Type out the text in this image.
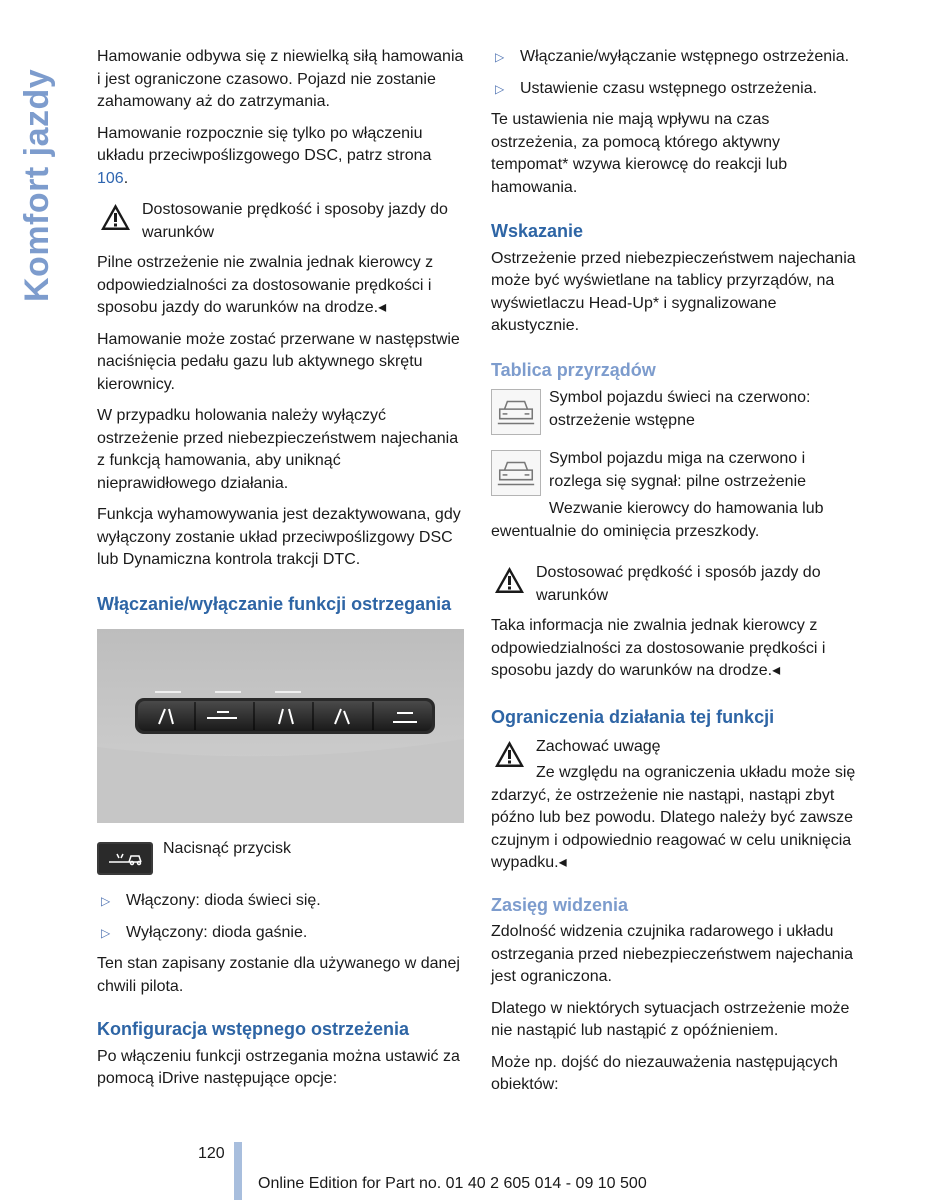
Komfort jazdy

Hamowanie odbywa się z niewielką siłą hamowania i jest ograniczone czasowo. Pojazd nie zostanie zahamowany aż do zatrzymania.

Hamowanie rozpocznie się tylko po włączeniu układu przeciwpoślizgowego DSC, patrz strona 106.

Dostosowanie prędkość i sposoby jazdy do warunków

Pilne ostrzeżenie nie zwalnia jednak kierowcy z odpowiedzialności za dostosowanie prędkości i sposobu jazdy do warunków na drodze.◂

Hamowanie może zostać przerwane w następstwie naciśnięcia pedału gazu lub aktywnego skrętu kierownicy.

W przypadku holowania należy wyłączyć ostrzeżenie przed niebezpieczeństwem najechania z funkcją hamowania, aby uniknąć nieprawidłowego działania.

Funkcja wyhamowywania jest dezaktywowana, gdy wyłączony zostanie układ przeciwpoślizgowy DSC lub Dynamiczna kontrola trakcji DTC.

Włączanie/wyłączanie funkcji ostrzegania
Nacisnąć przycisk
▷ Włączony: dioda świeci się.
▷ Wyłączony: dioda gaśnie.

Ten stan zapisany zostanie dla używanego w danej chwili pilota.

Konfiguracja wstępnego ostrzeżenia

Po włączeniu funkcji ostrzegania można ustawić za pomocą iDrive następujące opcje:

▷ Włączanie/wyłączanie wstępnego ostrzeżenia.
▷ Ustawienie czasu wstępnego ostrzeżenia.

Te ustawienia nie mają wpływu na czas ostrzeżenia, za pomocą którego aktywny tempomat* wzywa kierowcę do reakcji lub hamowania.

Wskazanie

Ostrzeżenie przed niebezpieczeństwem najechania może być wyświetlane na tablicy przyrządów, na wyświetlaczu Head-Up* i sygnalizowane akustycznie.

Tablica przyrządów
Symbol pojazdu świeci na czerwono: ostrzeżenie wstępne
Symbol pojazdu miga na czerwono i rozlega się sygnał: pilne ostrzeżenie

Wezwanie kierowcy do hamowania lub ewentualnie do ominięcia przeszkody.

Dostosować prędkość i sposób jazdy do warunków

Taka informacja nie zwalnia jednak kierowcy z odpowiedzialności za dostosowanie prędkości i sposobu jazdy do warunków na drodze.◂

Ograniczenia działania tej funkcji
Zachować uwagę

Ze względu na ograniczenia układu może się zdarzyć, że ostrzeżenie nie nastąpi, nastąpi zbyt późno lub bez powodu. Dlatego należy być zawsze czujnym i odpowiednio reagować w celu uniknięcia wypadku.◂

Zasięg widzenia

Zdolność widzenia czujnika radarowego i układu ostrzegania przed niebezpieczeństwem najechania jest ograniczona.

Dlatego w niektórych sytuacjach ostrzeżenie może nie nastąpić lub nastąpić z opóźnieniem.

Może np. dojść do niezauważenia następujących obiektów:

120
Online Edition for Part no. 01 40 2 605 014 - 09 10 500
